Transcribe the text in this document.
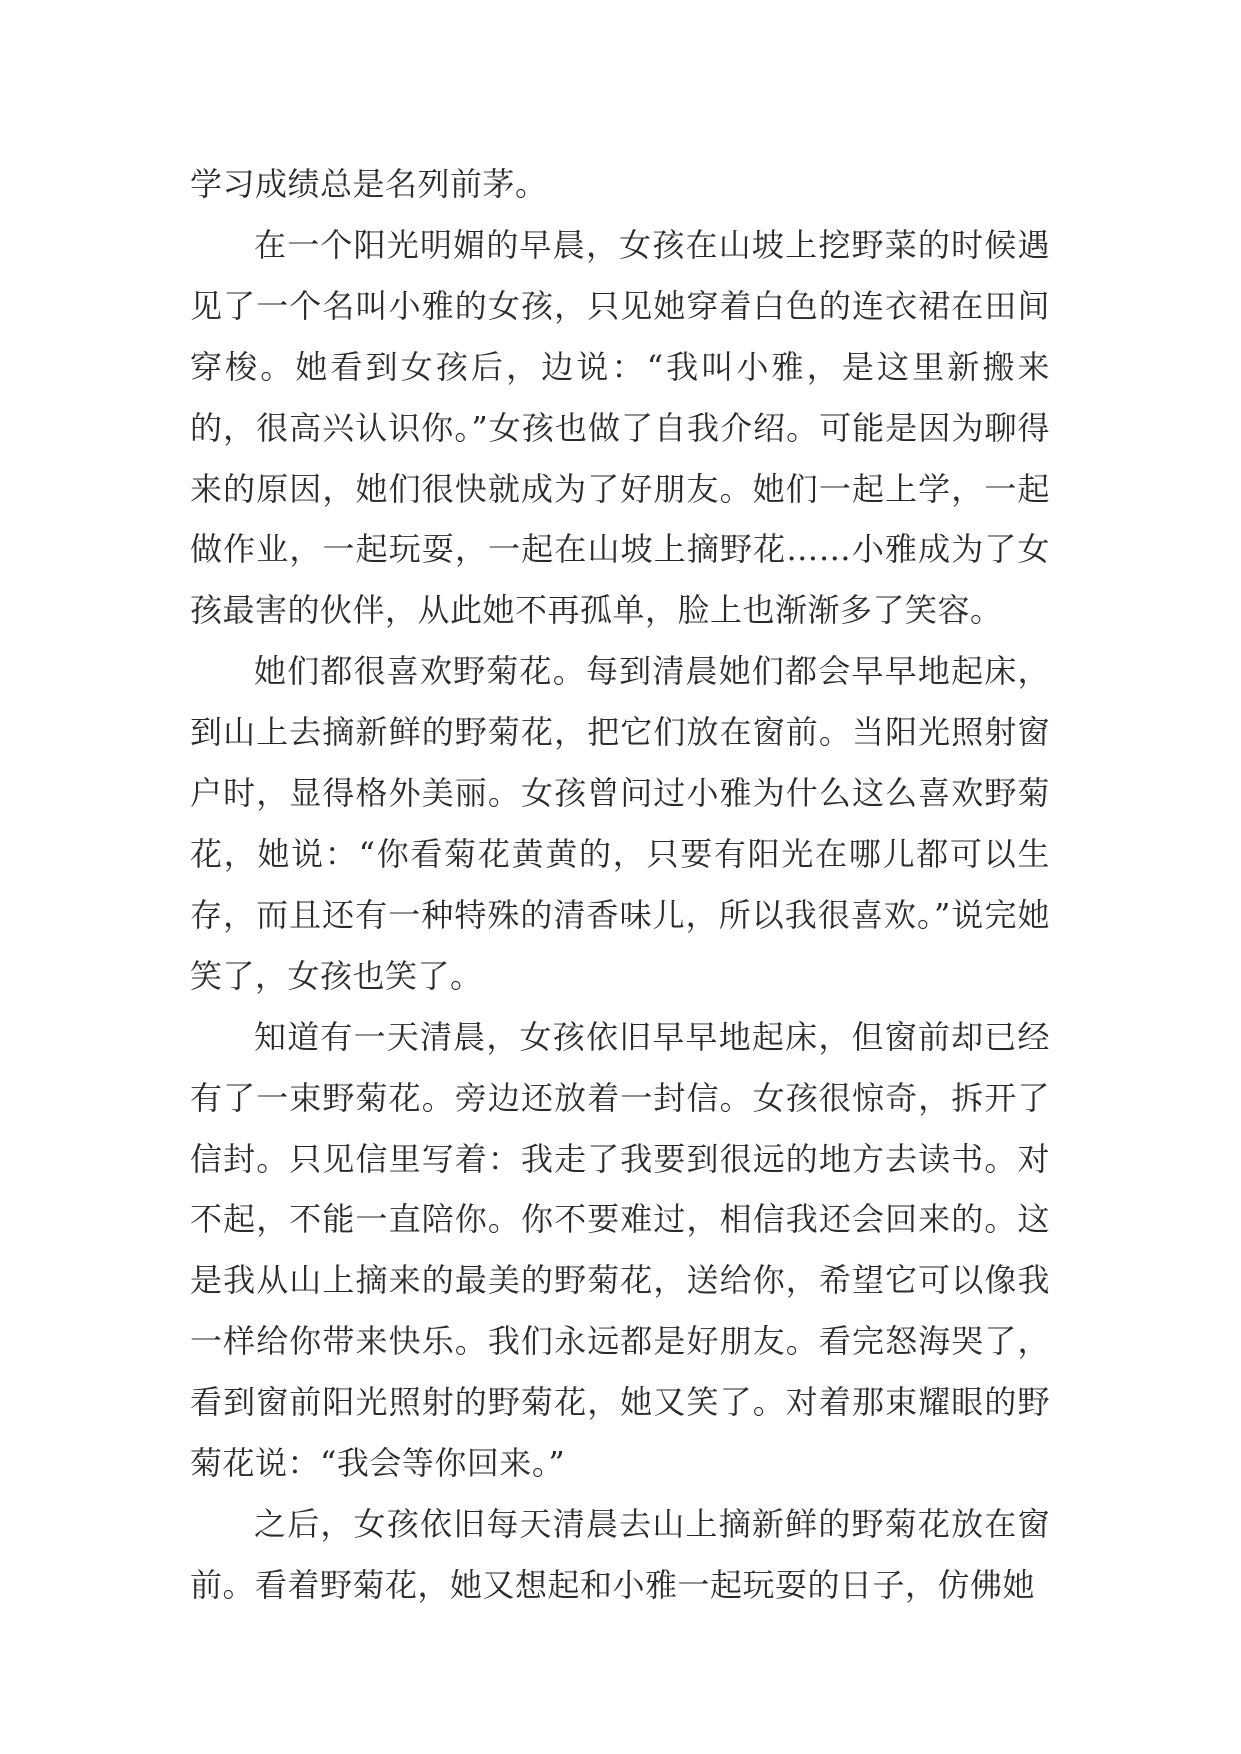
学习成绩总是名列前茅。

在一个阳光明媚的早晨，女孩在山坡上挖野菜的时候遇见了一个名叫小雅的女孩，只见她穿着白色的连衣裙在田间穿梭。她看到女孩后，边说：“我叫小雅，是这里新搬来的，很高兴认识你。”女孩也做了自我介绍。可能是因为聊得来的原因，她们很快就成为了好朋友。她们一起上学，一起做作业，一起玩耍，一起在山坡上摘野花……小雅成为了女孩最害的伙伴，从此她不再孤单，脸上也渐渐多了笑容。

她们都很喜欢野菊花。每到清晨她们都会早早地起床，到山上去摘新鲜的野菊花，把它们放在窗前。当阳光照射窗户时，显得格外美丽。女孩曾问过小雅为什么这么喜欢野菊花，她说：“你看菊花黄黄的，只要有阳光在哪儿都可以生存，而且还有一种特殊的清香味儿，所以我很喜欢。”说完她笑了，女孩也笑了。

知道有一天清晨，女孩依旧早早地起床，但窗前却已经有了一束野菊花。旁边还放着一封信。女孩很惊奇，拆开了信封。只见信里写着：我走了我要到很远的地方去读书。对不起，不能一直陪你。你不要难过，相信我还会回来的。这是我从山上摘来的最美的野菊花，送给你，希望它可以像我一样给你带来快乐。我们永远都是好朋友。看完怒海哭了，看到窗前阳光照射的野菊花，她又笑了。对着那束耀眼的野菊花说：“我会等你回来。”

之后，女孩依旧每天清晨去山上摘新鲜的野菊花放在窗前。看着野菊花，她又想起和小雅一起玩耍的日子，仿佛她
